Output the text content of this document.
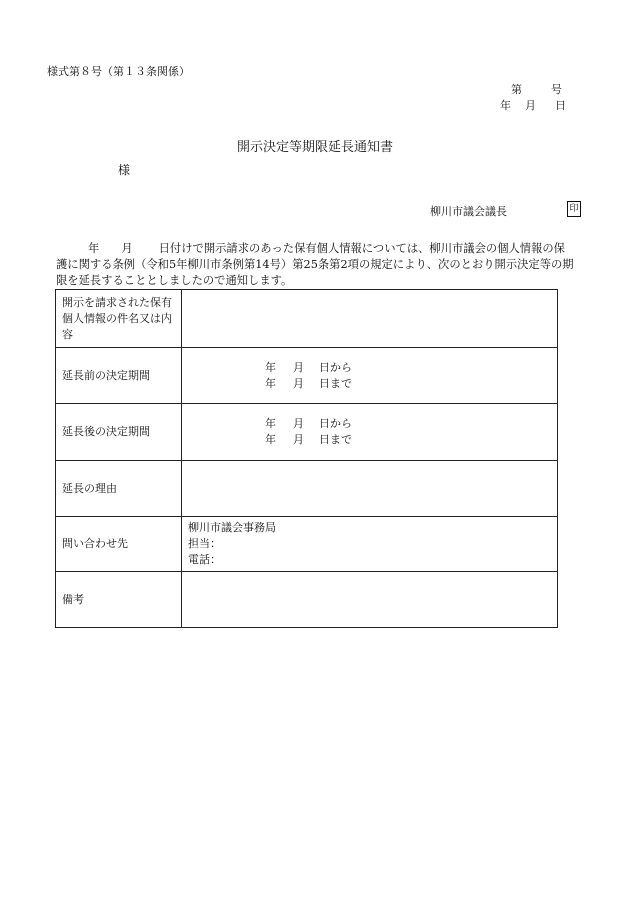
様式第８号（第１３条関係）
第	号
年 月 日
開示決定等期限延長通知書
様
柳川市議会議長	印
年 月 日付けで開示請求のあった保有個人情報については、柳川市議会の個人情報の保護に関する条例（令和5年柳川市条例第14号）第25条第2項の規定により、次のとおり開示決定等の期限を延長することとしましたので通知します。
開示を請求された保有個人情報の件名又は内容	
延長前の決定期間	年 月 日から
年 月 日まで

延長後の決定期間	年 月 日から
年 月 日まで

延長の理由	
問い合わせ先	柳川市議会事務局
担当：
電話：

備考	
